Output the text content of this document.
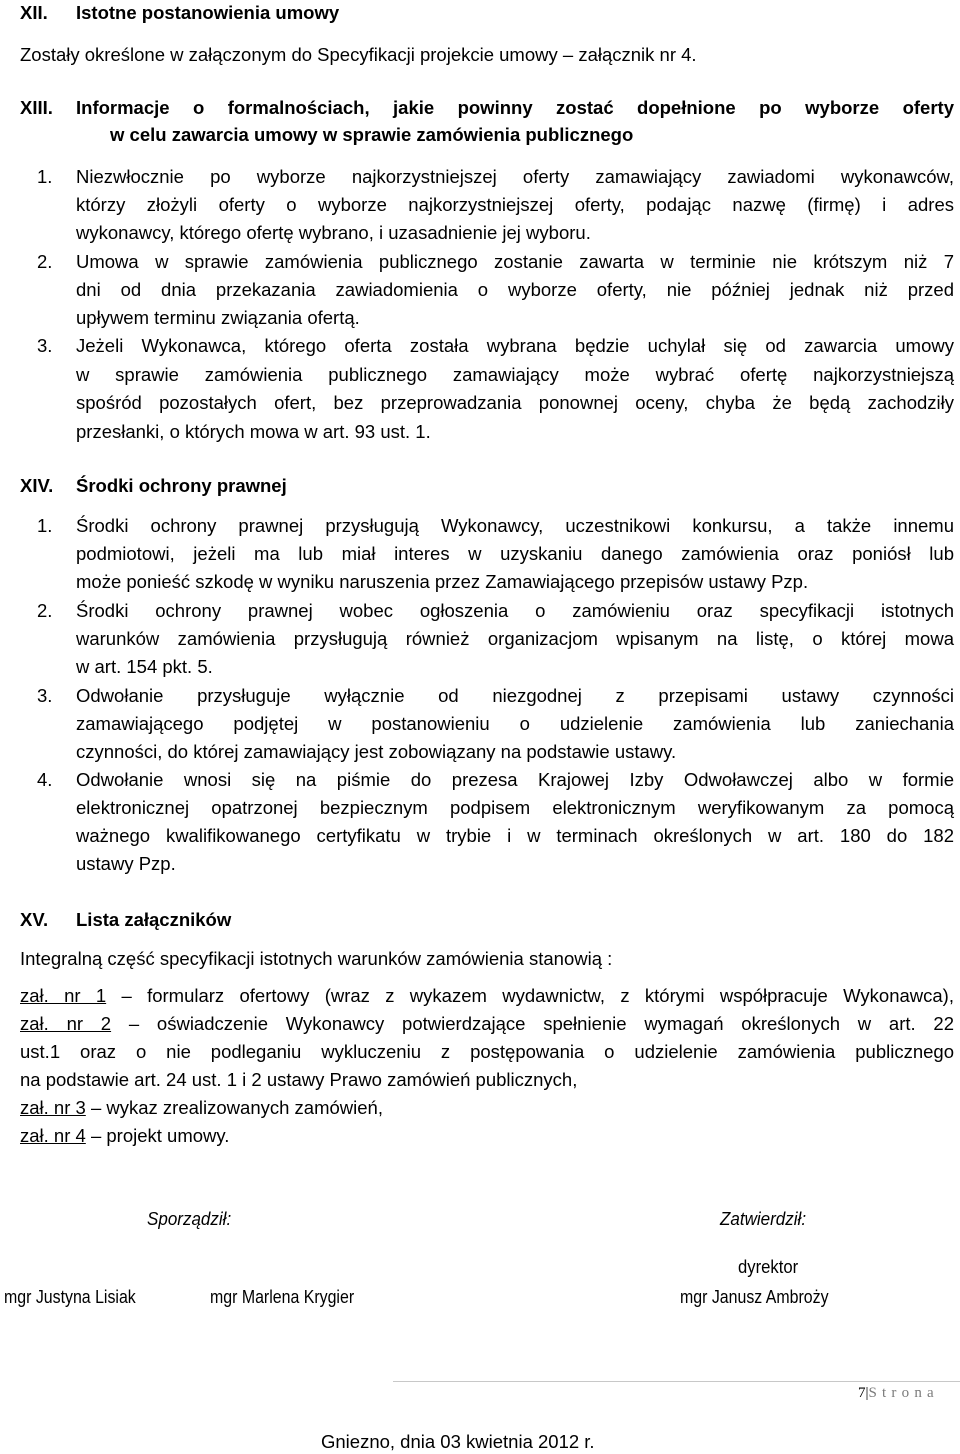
XII. Istotne postanowienia umowy
Zostały określone w załączonym do Specyfikacji projekcie umowy – załącznik nr 4.
XIII. Informacje o formalnościach, jakie powinny zostać dopełnione po wyborze oferty
w celu zawarcia umowy w sprawie zamówienia publicznego
1. Niezwłocznie po wyborze najkorzystniejszej oferty zamawiający zawiadomi wykonawców,
którzy złożyli oferty o wyborze najkorzystniejszej oferty, podając nazwę (firmę) i adres
wykonawcy, którego ofertę wybrano, i uzasadnienie jej wyboru.
2. Umowa w sprawie zamówienia publicznego zostanie zawarta w terminie nie krótszym niż 7
dni od dnia przekazania zawiadomienia o wyborze oferty, nie później jednak niż przed
upływem terminu związania ofertą.
3. Jeżeli Wykonawca, którego oferta została wybrana będzie uchylał się od zawarcia umowy
w sprawie zamówienia publicznego zamawiający może wybrać ofertę najkorzystniejszą
spośród pozostałych ofert, bez przeprowadzania ponownej oceny, chyba że będą zachodziły
przesłanki, o których mowa w art. 93 ust. 1.
XIV. Środki ochrony prawnej
1. Środki ochrony prawnej przysługują Wykonawcy, uczestnikowi konkursu, a także innemu
podmiotowi, jeżeli ma lub miał interes w uzyskaniu danego zamówienia oraz poniósł lub
może ponieść szkodę w wyniku naruszenia przez Zamawiającego przepisów ustawy Pzp.
2. Środki ochrony prawnej wobec ogłoszenia o zamówieniu oraz specyfikacji istotnych
warunków zamówienia przysługują również organizacjom wpisanym na listę, o której mowa
w art. 154 pkt. 5.
3. Odwołanie przysługuje wyłącznie od niezgodnej z przepisami ustawy czynności
zamawiającego podjętej w postanowieniu o udzielenie zamówienia lub zaniechania
czynności, do której zamawiający jest zobowiązany na podstawie ustawy.
4. Odwołanie wnosi się na piśmie do prezesa Krajowej Izby Odwoławczej albo w formie
elektronicznej opatrzonej bezpiecznym podpisem elektronicznym weryfikowanym za pomocą
ważnego kwalifikowanego certyfikatu w trybie i w terminach określonych w art. 180 do 182
ustawy Pzp.
XV. Lista załączników
Integralną część specyfikacji istotnych warunków zamówienia stanowią :
zał. nr 1 – formularz ofertowy (wraz z wykazem wydawnictw, z którymi współpracuje Wykonawca),
zał. nr 2 – oświadczenie Wykonawcy potwierdzające spełnienie wymagań określonych w art. 22
ust.1 oraz o nie podleganiu wykluczeniu z postępowania o udzielenie zamówienia publicznego
na podstawie art. 24 ust. 1 i 2 ustawy Prawo zamówień publicznych,
zał. nr 3 – wykaz zrealizowanych zamówień,
zał. nr 4 – projekt umowy.
Sporządził:	Zatwierdził:
dyrektor
mgr Justyna Lisiak	mgr Marlena Krygier	mgr Janusz Ambroży
7|Strona
Gniezno, dnia 03 kwietnia 2012 r.
